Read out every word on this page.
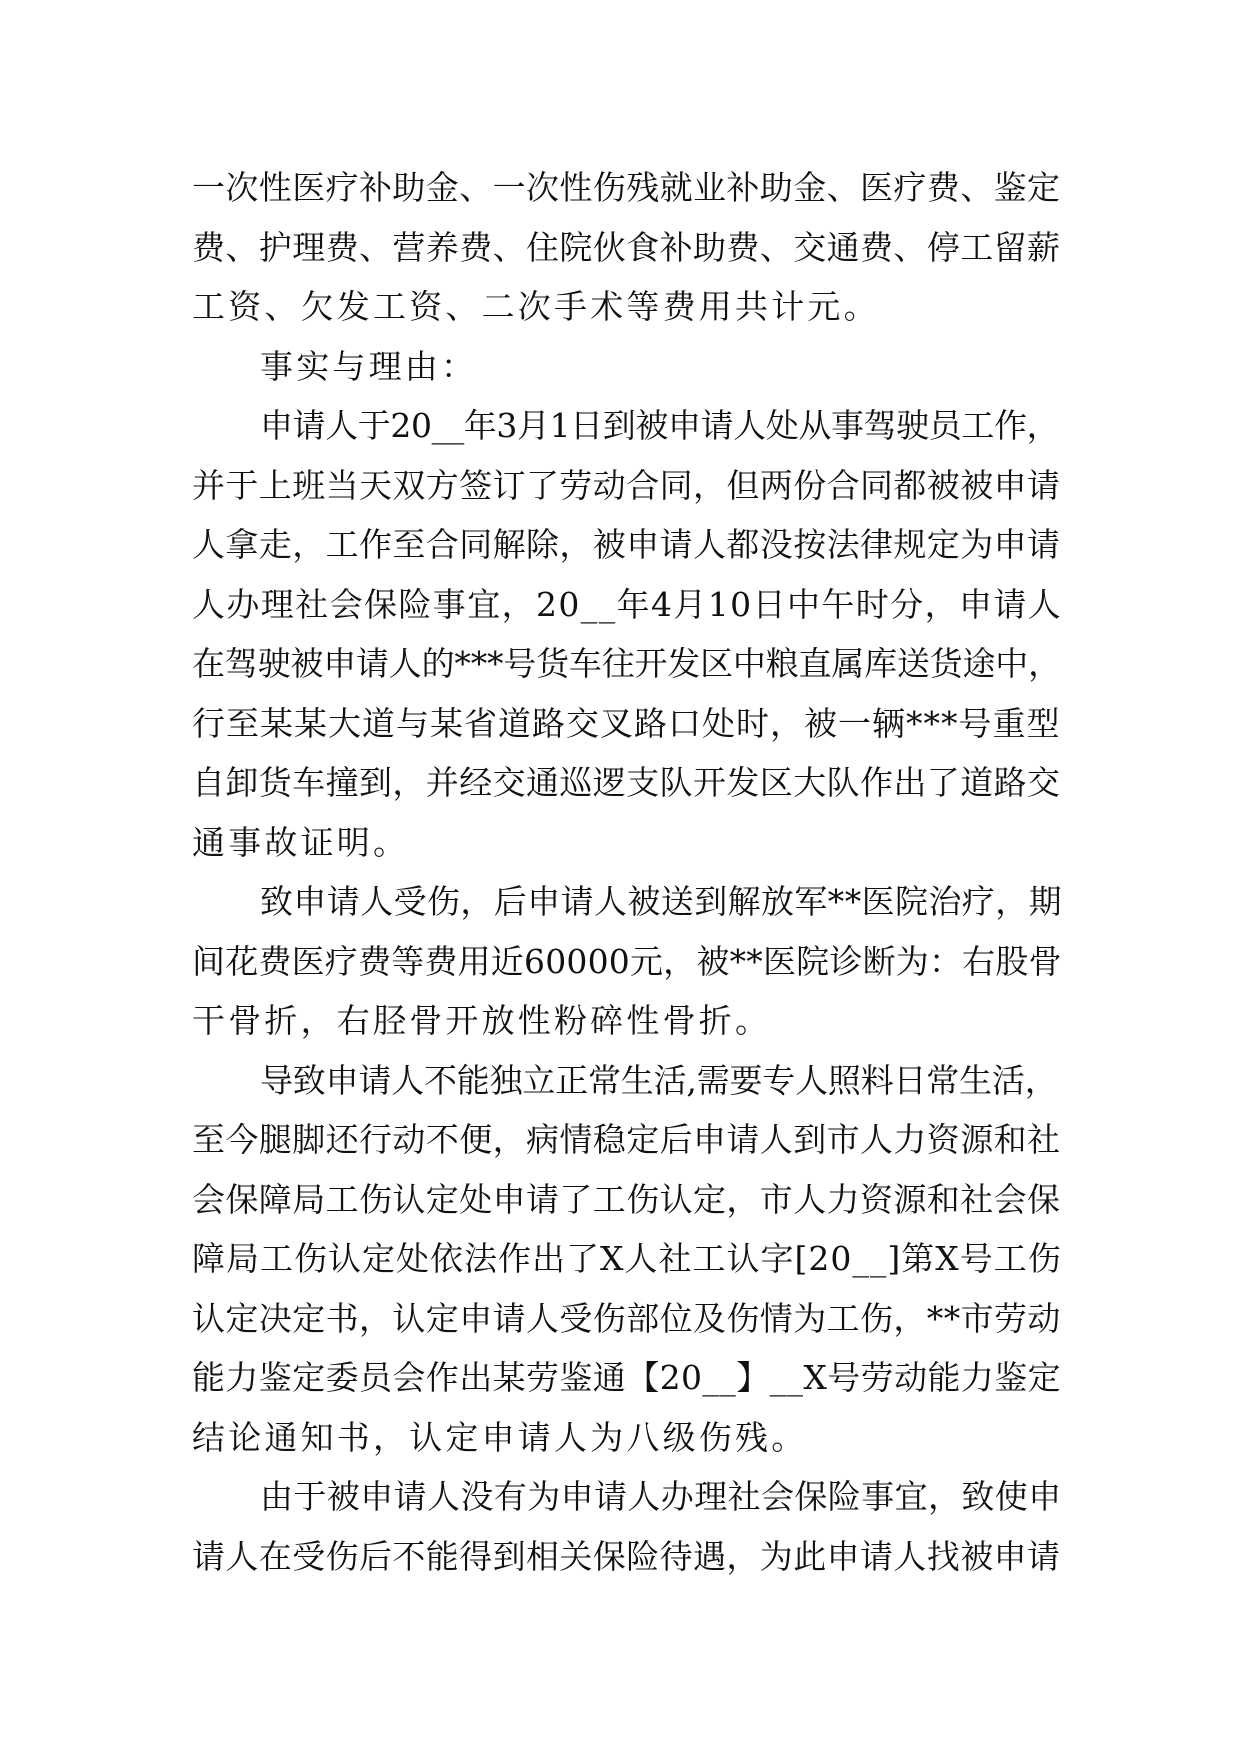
一次性医疗补助金、一次性伤残就业补助金、医疗费、鉴定
费、护理费、营养费、住院伙食补助费、交通费、停工留薪
工资、欠发工资、二次手术等费用共计元。
事实与理由：
申请人于20__年3月1日到被申请人处从事驾驶员工作，
并于上班当天双方签订了劳动合同，但两份合同都被被申请
人拿走，工作至合同解除，被申请人都没按法律规定为申请
人办理社会保险事宜，20__年4月10日中午时分，申请人
在驾驶被申请人的***号货车往开发区中粮直属库送货途中，
行至某某大道与某省道路交叉路口处时，被一辆***号重型
自卸货车撞到，并经交通巡逻支队开发区大队作出了道路交
通事故证明。
致申请人受伤，后申请人被送到解放军**医院治疗，期
间花费医疗费等费用近60000元，被**医院诊断为：右股骨
干骨折，右胫骨开放性粉碎性骨折。
导致申请人不能独立正常生活,需要专人照料日常生活，
至今腿脚还行动不便，病情稳定后申请人到市人力资源和社
会保障局工伤认定处申请了工伤认定，市人力资源和社会保
障局工伤认定处依法作出了X人社工认字[20__]第X号工伤
认定决定书，认定申请人受伤部位及伤情为工伤，**市劳动
能力鉴定委员会作出某劳鉴通【20__】__X号劳动能力鉴定
结论通知书，认定申请人为八级伤残。
由于被申请人没有为申请人办理社会保险事宜，致使申
请人在受伤后不能得到相关保险待遇，为此申请人找被申请
